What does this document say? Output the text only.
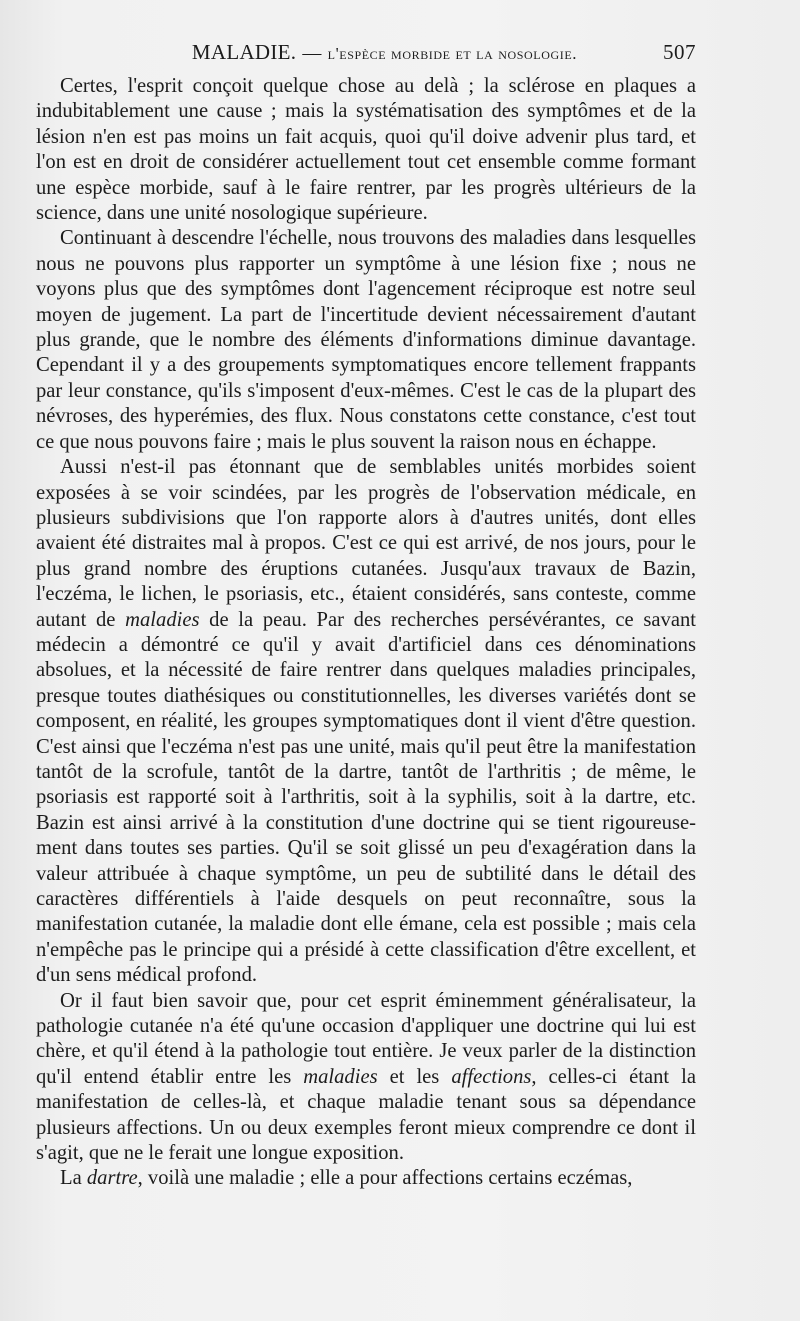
MALADIE. — l'espèce morbide et la nosologie.	507

Certes, l'esprit conçoit quelque chose au delà ; la sclérose en plaques a indubitablement une cause ; mais la systématisation des symptômes et de la lésion n'en est pas moins un fait acquis, quoi qu'il doive advenir plus tard, et l'on est en droit de considérer actuellement tout cet ensemble comme formant une espèce morbide, sauf à le faire rentrer, par les progrès ultérieurs de la science, dans une unité nosologique supérieure.

Continuant à descendre l'échelle, nous trouvons des maladies dans lesquelles nous ne pouvons plus rapporter un symptôme à une lésion fixe ; nous ne voyons plus que des symptômes dont l'agencement réciproque est notre seul moyen de jugement. La part de l'incertitude devient nécessairement d'autant plus grande, que le nombre des éléments d'informations diminue davantage. Cependant il y a des groupements symptomatiques encore tellement frappants par leur constance, qu'ils s'imposent d'eux-mêmes. C'est le cas de la plupart des névroses, des hyperémies, des flux. Nous constatons cette constance, c'est tout ce que nous pouvons faire ; mais le plus souvent la raison nous en échappe.

Aussi n'est-il pas étonnant que de semblables unités morbides soient exposées à se voir scindées, par les progrès de l'observation médicale, en plusieurs subdivisions que l'on rapporte alors à d'autres unités, dont elles avaient été distraites mal à propos. C'est ce qui est arrivé, de nos jours, pour le plus grand nombre des éruptions cutanées. Jusqu'aux travaux de Bazin, l'eczéma, le lichen, le psoriasis, etc., étaient considérés, sans conteste, comme autant de maladies de la peau. Par des recherches persévérantes, ce savant médecin a démontré ce qu'il y avait d'artificiel dans ces dénominations absolues, et la nécessité de faire rentrer dans quelques maladies principales, presque toutes diathésiques ou constitutionnelles, les diverses variétés dont se composent, en réalité, les groupes symptomatiques dont il vient d'être question. C'est ainsi que l'eczéma n'est pas une unité, mais qu'il peut être la manifestation tantôt de la scrofule, tantôt de la dartre, tantôt de l'arthritis ; de même, le psoriasis est rapporté soit à l'arthritis, soit à la syphilis, soit à la dartre, etc. Bazin est ainsi arrivé à la constitution d'une doctrine qui se tient rigoureusement dans toutes ses parties. Qu'il se soit glissé un peu d'exagération dans la valeur attribuée à chaque symptôme, un peu de subtilité dans le détail des caractères différentiels à l'aide desquels on peut reconnaître, sous la manifestation cutanée, la maladie dont elle émane, cela est possible ; mais cela n'empêche pas le principe qui a présidé à cette classification d'être excellent, et d'un sens médical profond.

Or il faut bien savoir que, pour cet esprit éminemment généralisateur, la pathologie cutanée n'a été qu'une occasion d'appliquer une doctrine qui lui est chère, et qu'il étend à la pathologie tout entière. Je veux parler de la distinction qu'il entend établir entre les maladies et les affections, celles-ci étant la manifestation de celles-là, et chaque maladie tenant sous sa dépendance plusieurs affections. Un ou deux exemples feront mieux comprendre ce dont il s'agit, que ne le ferait une longue exposition.

La dartre, voilà une maladie ; elle a pour affections certains eczémas,
